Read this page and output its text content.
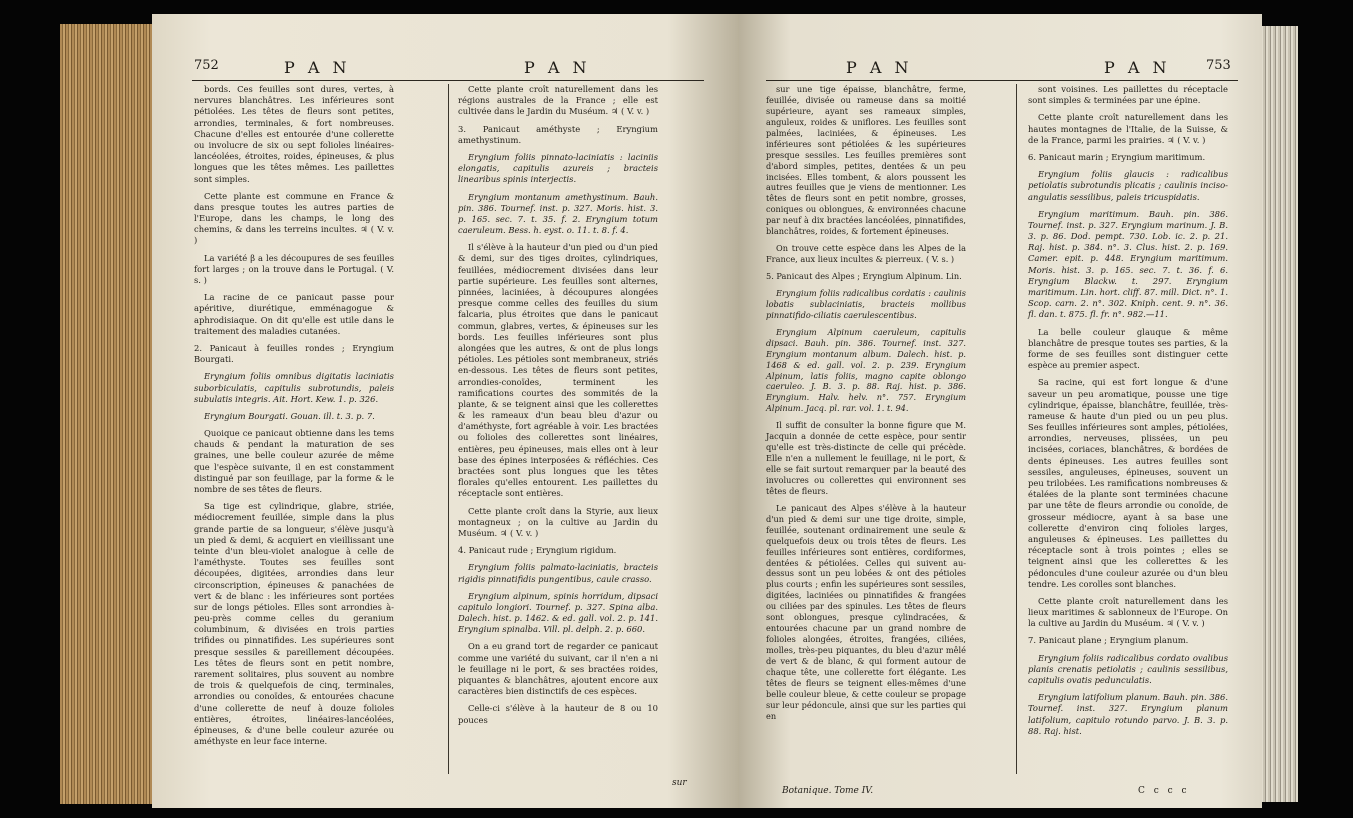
752	P A N	P A N

bords. Ces feuilles sont dures, vertes, à nervures blanchâtres. Les inférieures sont pétiolées. Les têtes de fleurs sont petites, arrondies, terminales, & fort nombreuses. Chacune d'elles est entourée d'une collerette ou involucre de six ou sept folioles linéaires-lancéolées, étroites, roides, épineuses, & plus longues que les têtes mêmes. Les paillettes sont simples.

Cette plante est commune en France & dans presque toutes les autres parties de l'Europe, dans les champs, le long des chemins, & dans les terreins incultes. ♃ ( V. v. )

La variété β a les découpures de ses feuilles fort larges ; on la trouve dans le Portugal. ( V. s. )

La racine de ce panicaut passe pour apéritive, diurétique, emménagogue & aphrodisiaque. On dit qu'elle est utile dans le traitement des maladies cutanées.

2. Panicaut à feuilles rondes ; Eryngium Bourgati.

Eryngium foliis omnibus digitatis laciniatis suborbiculatis, capitulis subrotundis, paleis subulatis integris. Ait. Hort. Kew. 1. p. 326.

Eryngium Bourgati. Gouan. ill. t. 3. p. 7.

Quoique ce panicaut obtienne dans les tems chauds & pendant la maturation de ses graines, une belle couleur azurée de même que l'espèce suivante, il en est constamment distingué par son feuillage, par la forme & le nombre de ses têtes de fleurs.

Sa tige est cylindrique, glabre, striée, médiocrement feuillée, simple dans la plus grande partie de sa longueur, s'élève jusqu'à un pied & demi, & acquiert en vieillissant une teinte d'un bleu-violet analogue à celle de l'améthyste. Toutes ses feuilles sont découpées, digitées, arrondies dans leur circonscription, épineuses & panachées de vert & de blanc : les inférieures sont portées sur de longs pétioles. Elles sont arrondies à-peu-près comme celles du geranium columbinum, & divisées en trois parties trifides ou pinnatifides. Les supérieures sont presque sessiles & pareillement découpées. Les têtes de fleurs sont en petit nombre, rarement solitaires, plus souvent au nombre de trois & quelquefois de cinq, terminales, arrondies ou conoïdes, & entourées chacune d'une collerette de neuf à douze folioles entières, étroites, linéaires-lancéolées, épineuses, & d'une belle couleur azurée ou améthyste en leur face interne.

Cette plante croît naturellement dans les régions australes de la France ; elle est cultivée dans le Jardin du Muséum. ♃ ( V. v. )

3. Panicaut améthyste ; Eryngium amethystinum.

Eryngium foliis pinnato-laciniatis : laciniis elongatis, capitulis azureis ; bracteis linearibus spinis interjectis.

Eryngium montanum amethystinum. Bauh. pin. 386. Tournef. inst. p. 327. Moris. hist. 3. p. 165. sec. 7. t. 35. f. 2. Eryngium totum caeruleum. Bess. h. eyst. o. 11. t. 8. f. 4.

Il s'élève à la hauteur d'un pied ou d'un pied & demi, sur des tiges droites, cylindriques, feuillées, médiocrement divisées dans leur partie supérieure. Les feuilles sont alternes, pinnées, laciniées, à découpures alongées presque comme celles des feuilles du sium falcaria, plus étroites que dans le panicaut commun, glabres, vertes, & épineuses sur les bords. Les feuilles inférieures sont plus alongées que les autres, & ont de plus longs pétioles. Les pétioles sont membraneux, striés en-dessous. Les têtes de fleurs sont petites, arrondies-conoïdes, terminent les ramifications courtes des sommités de la plante, & se teignent ainsi que les collerettes & les rameaux d'un beau bleu d'azur ou d'améthyste, fort agréable à voir. Les bractées ou folioles des collerettes sont linéaires, entières, peu épineuses, mais elles ont à leur base des épines interposées & réfléchies. Ces bractées sont plus longues que les têtes florales qu'elles entourent. Les paillettes du réceptacle sont entières.

Cette plante croît dans la Styrie, aux lieux montagneux ; on la cultive au Jardin du Muséum. ♃ ( V. v. )

4. Panicaut rude ; Eryngium rigidum.

Eryngium foliis palmato-laciniatis, bracteis rigidis pinnatifidis pungentibus, caule crasso.

Eryngium alpinum, spinis horridum, dipsaci capitulo longiori. Tournef. p. 327. Spina alba. Dalech. hist. p. 1462. & ed. gall. vol. 2. p. 141. Eryngium spinalba. Vill. pl. delph. 2. p. 660.

On a eu grand tort de regarder ce panicaut comme une variété du suivant, car il n'en a ni le feuillage ni le port, & ses bractées roides, piquantes & blanchâtres, ajoutent encore aux caractères bien distinctifs de ces espèces.

Celle-ci s'élève à la hauteur de 8 ou 10 pouces

sur
P A N	P A N	753

sur une tige épaisse, blanchâtre, ferme, feuillée, divisée ou rameuse dans sa moitié supérieure, ayant ses rameaux simples, anguleux, roides & uniflores. Les feuilles sont palmées, laciniées, & épineuses. Les inférieures sont pétiolées & les supérieures presque sessiles. Les feuilles premières sont d'abord simples, petites, dentées & un peu incisées. Elles tombent, & alors poussent les autres feuilles que je viens de mentionner. Les têtes de fleurs sont en petit nombre, grosses, coniques ou oblongues, & environnées chacune par neuf à dix bractées lancéolées, pinnatifides, blanchâtres, roides, & fortement épineuses.

On trouve cette espèce dans les Alpes de la France, aux lieux incultes & pierreux. ( V. s. )

5. Panicaut des Alpes ; Eryngium Alpinum. Lin.

Eryngium foliis radicalibus cordatis : caulinis lobatis sublaciniatis, bracteis mollibus pinnatifido-ciliatis caerulescentibus.

Eryngium Alpinum caeruleum, capitulis dipsaci. Bauh. pin. 386. Tournef. inst. 327. Eryngium montanum album. Dalech. hist. p. 1468 & ed. gall. vol. 2. p. 239. Eryngium Alpinum, latis foliis, magno capite oblongo caeruleo. J. B. 3. p. 88. Raj. hist. p. 386. Eryngium. Halv. helv. n°. 757. Eryngium Alpinum. Jacq. pl. rar. vol. 1. t. 94.

Il suffit de consulter la bonne figure que M. Jacquin a donnée de cette espèce, pour sentir qu'elle est très-distincte de celle qui précède. Elle n'en a nullement le feuillage, ni le port, & elle se fait surtout remarquer par la beauté des involucres ou collerettes qui environnent ses têtes de fleurs.

Le panicaut des Alpes s'élève à la hauteur d'un pied & demi sur une tige droite, simple, feuillée, soutenant ordinairement une seule & quelquefois deux ou trois têtes de fleurs. Les feuilles inférieures sont entières, cordiformes, dentées & pétiolées. Celles qui suivent au-dessus sont un peu lobées & ont des pétioles plus courts ; enfin les supérieures sont sessiles, digitées, laciniées ou pinnatifides & frangées ou ciliées par des spinules. Les têtes de fleurs sont oblongues, presque cylindracées, & entourées chacune par un grand nombre de folioles alongées, étroites, frangées, ciliées, molles, très-peu piquantes, du bleu d'azur mêlé de vert & de blanc, & qui forment autour de chaque tête, une collerette fort élégante. Les têtes de fleurs se teignent elles-mêmes d'une belle couleur bleue, & cette couleur se propage sur leur pédoncule, ainsi que sur les parties qui en

sont voisines. Les paillettes du réceptacle sont simples & terminées par une épine.

Cette plante croît naturellement dans les hautes montagnes de l'Italie, de la Suisse, & de la France, parmi les prairies. ♃ ( V. v. )

6. Panicaut marin ; Eryngium maritimum.

Eryngium foliis glaucis : radicalibus petiolatis subrotundis plicatis ; caulinis inciso-angulatis sessilibus, paleis tricuspidatis.

Eryngium maritimum. Bauh. pin. 386. Tournef. inst. p. 327. Eryngium marinum. J. B. 3. p. 86. Dod. pempt. 730. Lob. ic. 2. p. 21. Raj. hist. p. 384. n°. 3. Clus. hist. 2. p. 169. Camer. epit. p. 448. Eryngium maritimum. Moris. hist. 3. p. 165. sec. 7. t. 36. f. 6. Eryngium Blackw. t. 297. Eryngium maritimum. Lin. hort. cliff. 87. mill. Dict. n°. 1. Scop. carn. 2. n°. 302. Kniph. cent. 9. n°. 36. fl. dan. t. 875. fl. fr. n°. 982.—11.

La belle couleur glauque & même blanchâtre de presque toutes ses parties, & la forme de ses feuilles sont distinguer cette espèce au premier aspect.

Sa racine, qui est fort longue & d'une saveur un peu aromatique, pousse une tige cylindrique, épaisse, blanchâtre, feuillée, très-rameuse & haute d'un pied ou un peu plus. Ses feuilles inférieures sont amples, pétiolées, arrondies, nerveuses, plissées, un peu incisées, coriaces, blanchâtres, & bordées de dents épineuses. Les autres feuilles sont sessiles, anguleuses, épineuses, souvent un peu trilobées. Les ramifications nombreuses & étalées de la plante sont terminées chacune par une tête de fleurs arrondie ou conoïde, de grosseur médiocre, ayant à sa base une collerette d'environ cinq folioles larges, anguleuses & épineuses. Les paillettes du réceptacle sont à trois pointes ; elles se teignent ainsi que les collerettes & les pédoncules d'une couleur azurée ou d'un bleu tendre. Les corolles sont blanches.

Cette plante croît naturellement dans les lieux maritimes & sablonneux de l'Europe. On la cultive au Jardin du Muséum. ♃ ( V. v. )

7. Panicaut plane ; Eryngium planum.

Eryngium foliis radicalibus cordato ovalibus planis crenatis petiolatis ; caulinis sessilibus, capitulis ovatis pedunculatis.

Eryngium latifolium planum. Bauh. pin. 386. Tournef. inst. 327. Eryngium planum latifolium, capitulo rotundo parvo. J. B. 3. p. 88. Raj. hist.

Botanique. Tome IV.	C c c c
